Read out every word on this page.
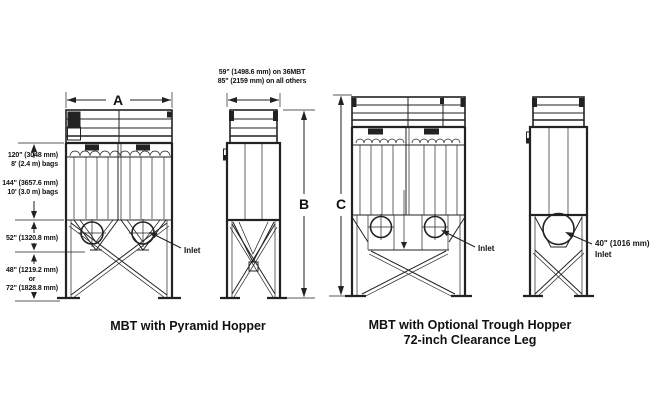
A
Inlet
120" (3048 mm)
8' (2.4 m) bags
144" (3657.6 mm)
10' (3.0 m) bags
52" (1320.8 mm)
48" (1219.2 mm)
or
72" (1828.8 mm)
59" (1498.6 mm) on 36MBT
85" (2159 mm) on all others
B C
Inlet
40" (1016 mm)
Inlet
MBT with Pyramid Hopper	MBT with Optional Trough Hopper
72-inch Clearance Leg
